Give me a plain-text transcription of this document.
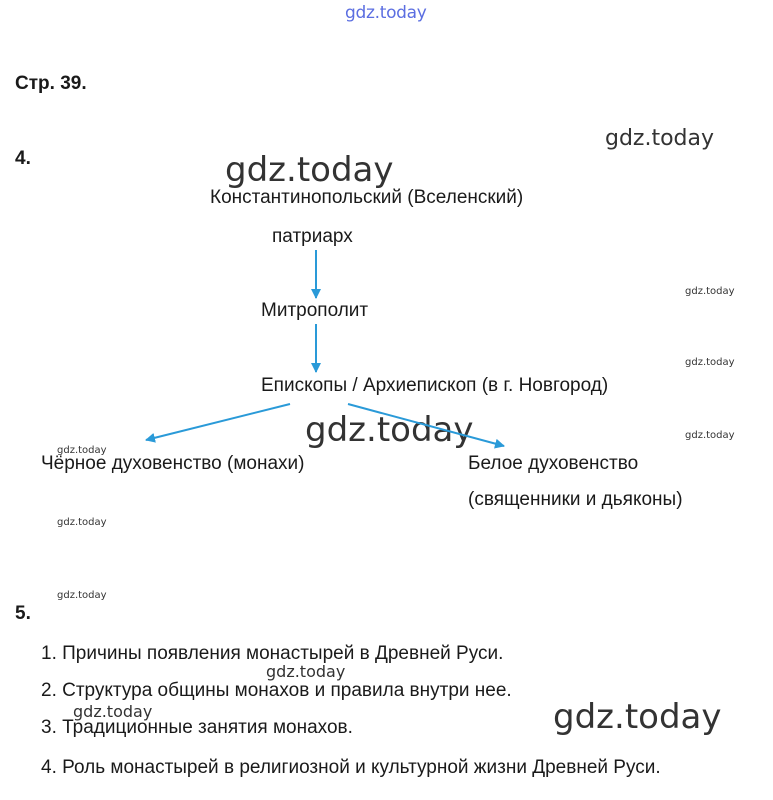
gdz.today
gdz.today
gdz.today
gdz.today
gdz.today
gdz.today	gdz.today
gdz.today
gdz.today
gdz.today
gdz.today
gdz.today	gdz.today
Стр. 39.
4.
Константинопольский (Вселенский)
патриарх
Митрополит
Епископы / Архиепископ (в г. Новгород)
Чёрное духовенство (монахи)	Белое духовенство
(священники и дьяконы)
5.
1. Причины появления монастырей в Древней Руси.
2. Структура общины монахов и правила внутри нее.
3. Традиционные занятия монахов.
4. Роль монастырей в религиозной и культурной жизни Древней Руси.
